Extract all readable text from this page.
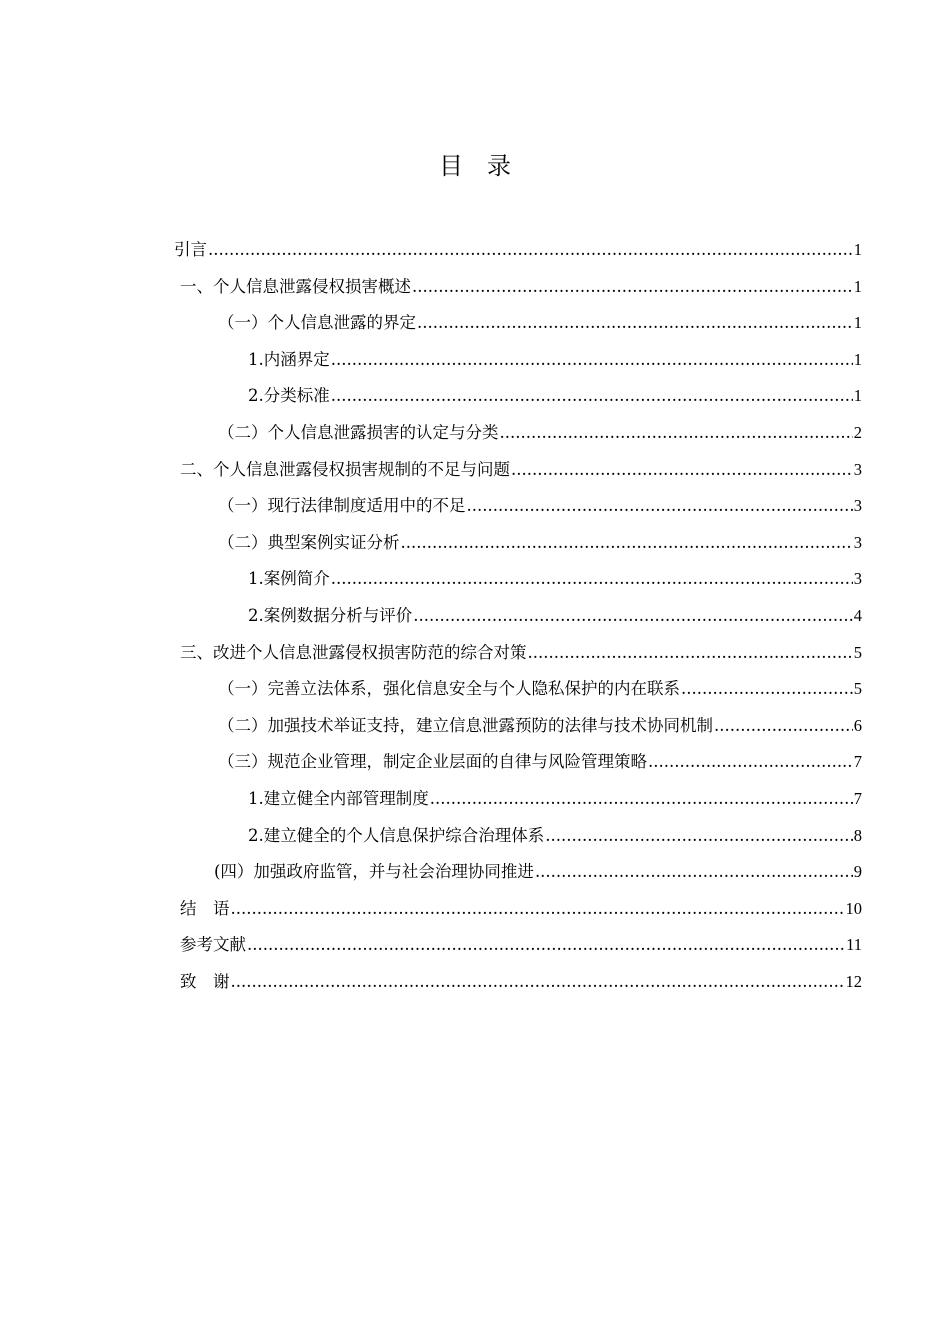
目　录
引言 .....	1
一、个人信息泄露侵权损害概述 .....	1
（一）个人信息泄露的界定 .....	1
1.内涵界定 .....	1
2.分类标准 .....	1
（二）个人信息泄露损害的认定与分类 .....	2
二、个人信息泄露侵权损害规制的不足与问题 .....	3
（一）现行法律制度适用中的不足 .....	3
（二）典型案例实证分析 .....	3
1.案例简介 .....	3
2.案例数据分析与评价 .....	4
三、改进个人信息泄露侵权损害防范的综合对策 .....	5
（一）完善立法体系，强化信息安全与个人隐私保护的内在联系 .....	5
（二）加强技术举证支持，建立信息泄露预防的法律与技术协同机制 .....	6
（三）规范企业管理，制定企业层面的自律与风险管理策略 .....	7
1.建立健全内部管理制度 .....	7
2.建立健全的个人信息保护综合治理体系 .....	8
(四）加强政府监管，并与社会治理协同推进 .....	9
结　语 .....	10
参考文献 .....	11
致　谢 .....	12
